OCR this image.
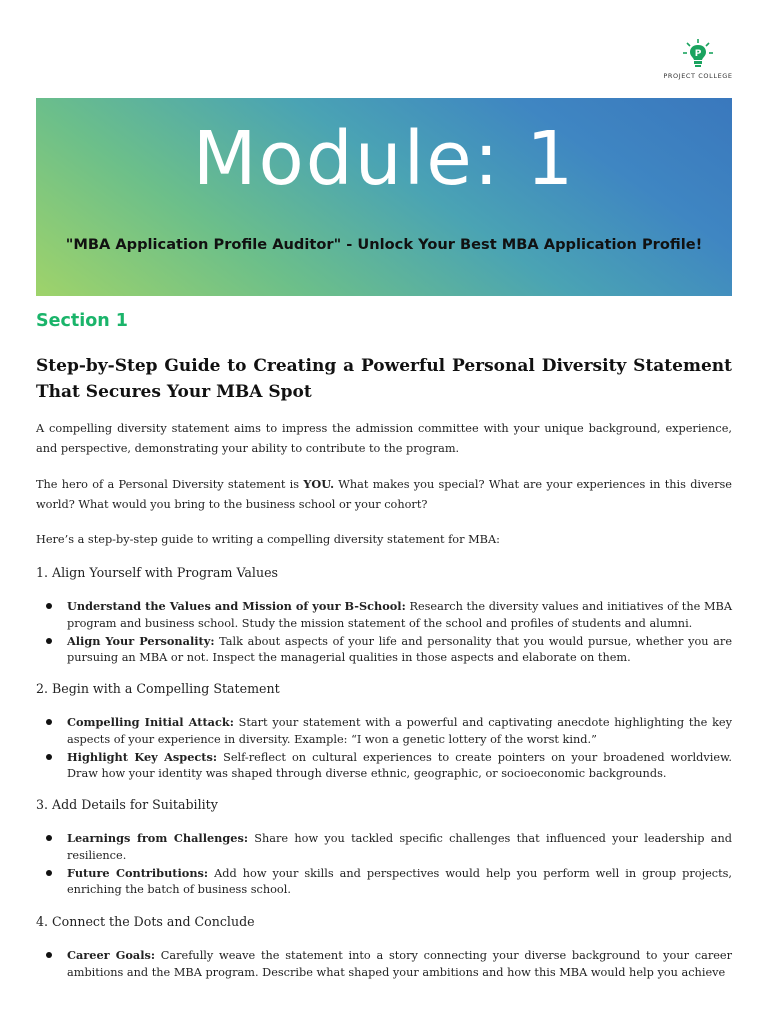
P
PROJECT COLLEGE
Module: 1
"MBA Application Profile Auditor" - Unlock Your Best MBA Application Profile!
Section 1
Step-by-Step Guide to Creating a Powerful Personal Diversity Statement That Secures Your MBA Spot
A compelling diversity statement aims to impress the admission committee with your unique background, experience, and perspective, demonstrating your ability to contribute to the program.
The hero of a Personal Diversity statement is YOU. What makes you special? What are your experiences in this diverse world? What would you bring to the business school or your cohort?
Here’s a step-by-step guide to writing a compelling diversity statement for MBA:
1. Align Yourself with Program Values
Understand the Values and Mission of your B-School: Research the diversity values and initiatives of the MBA program and business school. Study the mission statement of the school and profiles of students and alumni.
Align Your Personality: Talk about aspects of your life and personality that you would pursue, whether you are pursuing an MBA or not. Inspect the managerial qualities in those aspects and elaborate on them.
2. Begin with a Compelling Statement
Compelling Initial Attack: Start your statement with a powerful and captivating anecdote highlighting the key aspects of your experience in diversity. Example: “I won a genetic lottery of the worst kind.”
Highlight Key Aspects: Self-reflect on cultural experiences to create pointers on your broadened worldview. Draw how your identity was shaped through diverse ethnic, geographic, or socioeconomic backgrounds.
3. Add Details for Suitability
Learnings from Challenges: Share how you tackled specific challenges that influenced your leadership and resilience.
Future Contributions: Add how your skills and perspectives would help you perform well in group projects, enriching the batch of business school.
4. Connect the Dots and Conclude
Career Goals: Carefully weave the statement into a story connecting your diverse background to your career ambitions and the MBA program. Describe what shaped your ambitions and how this MBA would help you achieve
